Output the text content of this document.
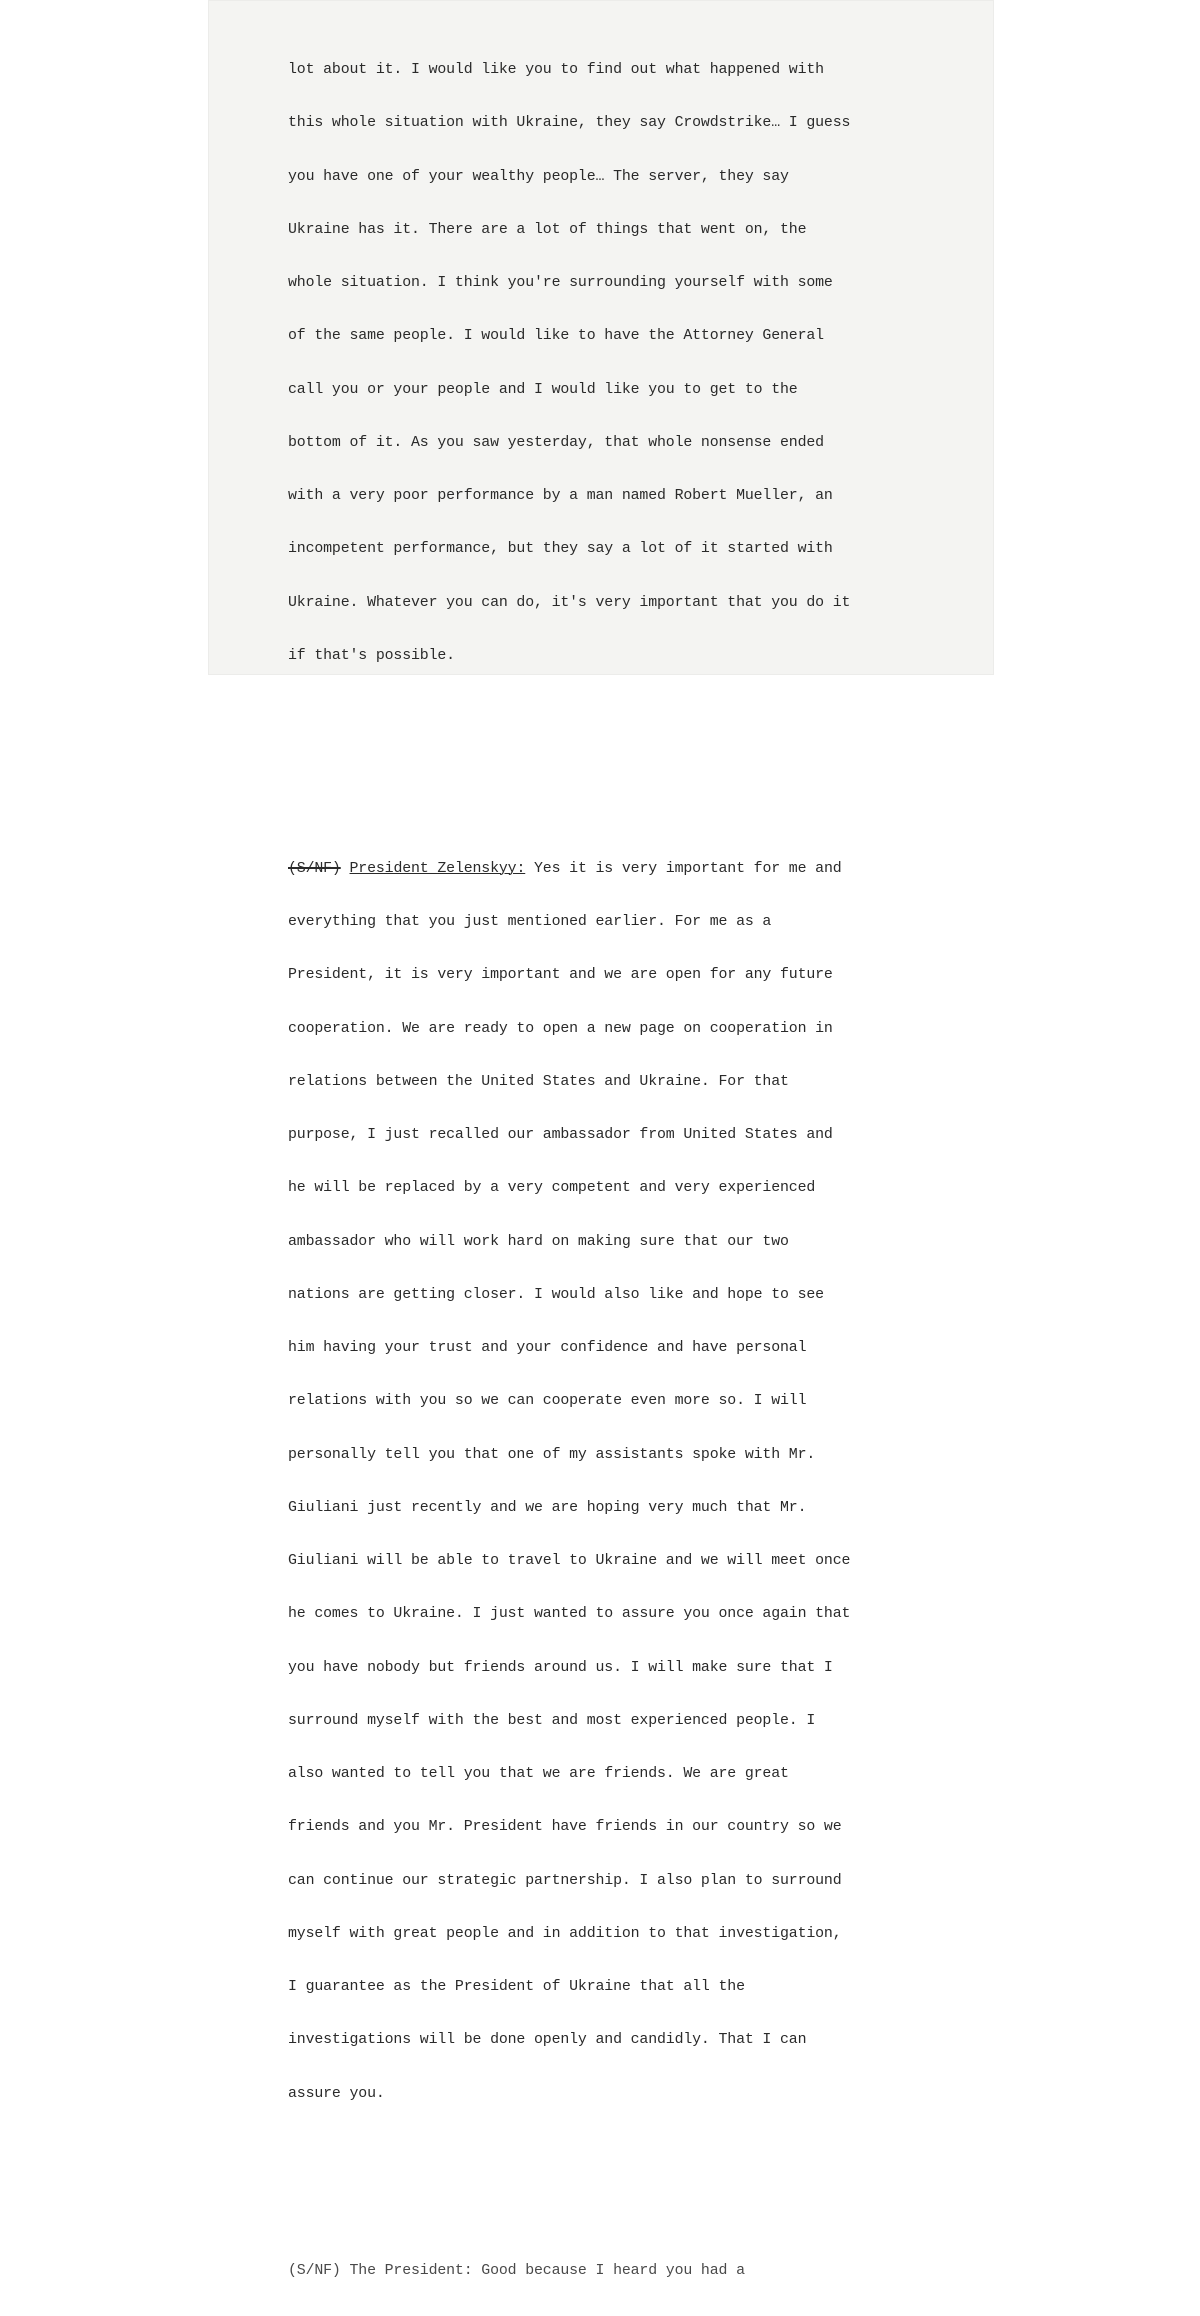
lot about it. I would like you to find out what happened with

this whole situation with Ukraine, they say Crowdstrike… I guess

you have one of your wealthy people… The server, they say

Ukraine has it. There are a lot of things that went on, the

whole situation. I think you're surrounding yourself with some

of the same people. I would like to have the Attorney General

call you or your people and I would like you to get to the

bottom of it. As you saw yesterday, that whole nonsense ended

with a very poor performance by a man named Robert Mueller, an

incompetent performance, but they say a lot of it started with

Ukraine. Whatever you can do, it's very important that you do it

if that's possible.

(S/NF) President Zelenskyy: Yes it is very important for me and

everything that you just mentioned earlier. For me as a

President, it is very important and we are open for any future

cooperation. We are ready to open a new page on cooperation in

relations between the United States and Ukraine. For that

purpose, I just recalled our ambassador from United States and

he will be replaced by a very competent and very experienced

ambassador who will work hard on making sure that our two

nations are getting closer. I would also like and hope to see

him having your trust and your confidence and have personal

relations with you so we can cooperate even more so. I will

personally tell you that one of my assistants spoke with Mr.

Giuliani just recently and we are hoping very much that Mr.

Giuliani will be able to travel to Ukraine and we will meet once

he comes to Ukraine. I just wanted to assure you once again that

you have nobody but friends around us. I will make sure that I

surround myself with the best and most experienced people. I

also wanted to tell you that we are friends. We are great

friends and you Mr. President have friends in our country so we

can continue our strategic partnership. I also plan to surround

myself with great people and in addition to that investigation,

I guarantee as the President of Ukraine that all the

investigations will be done openly and candidly. That I can

assure you.

(S/NF) The President: Good because I heard you had a
